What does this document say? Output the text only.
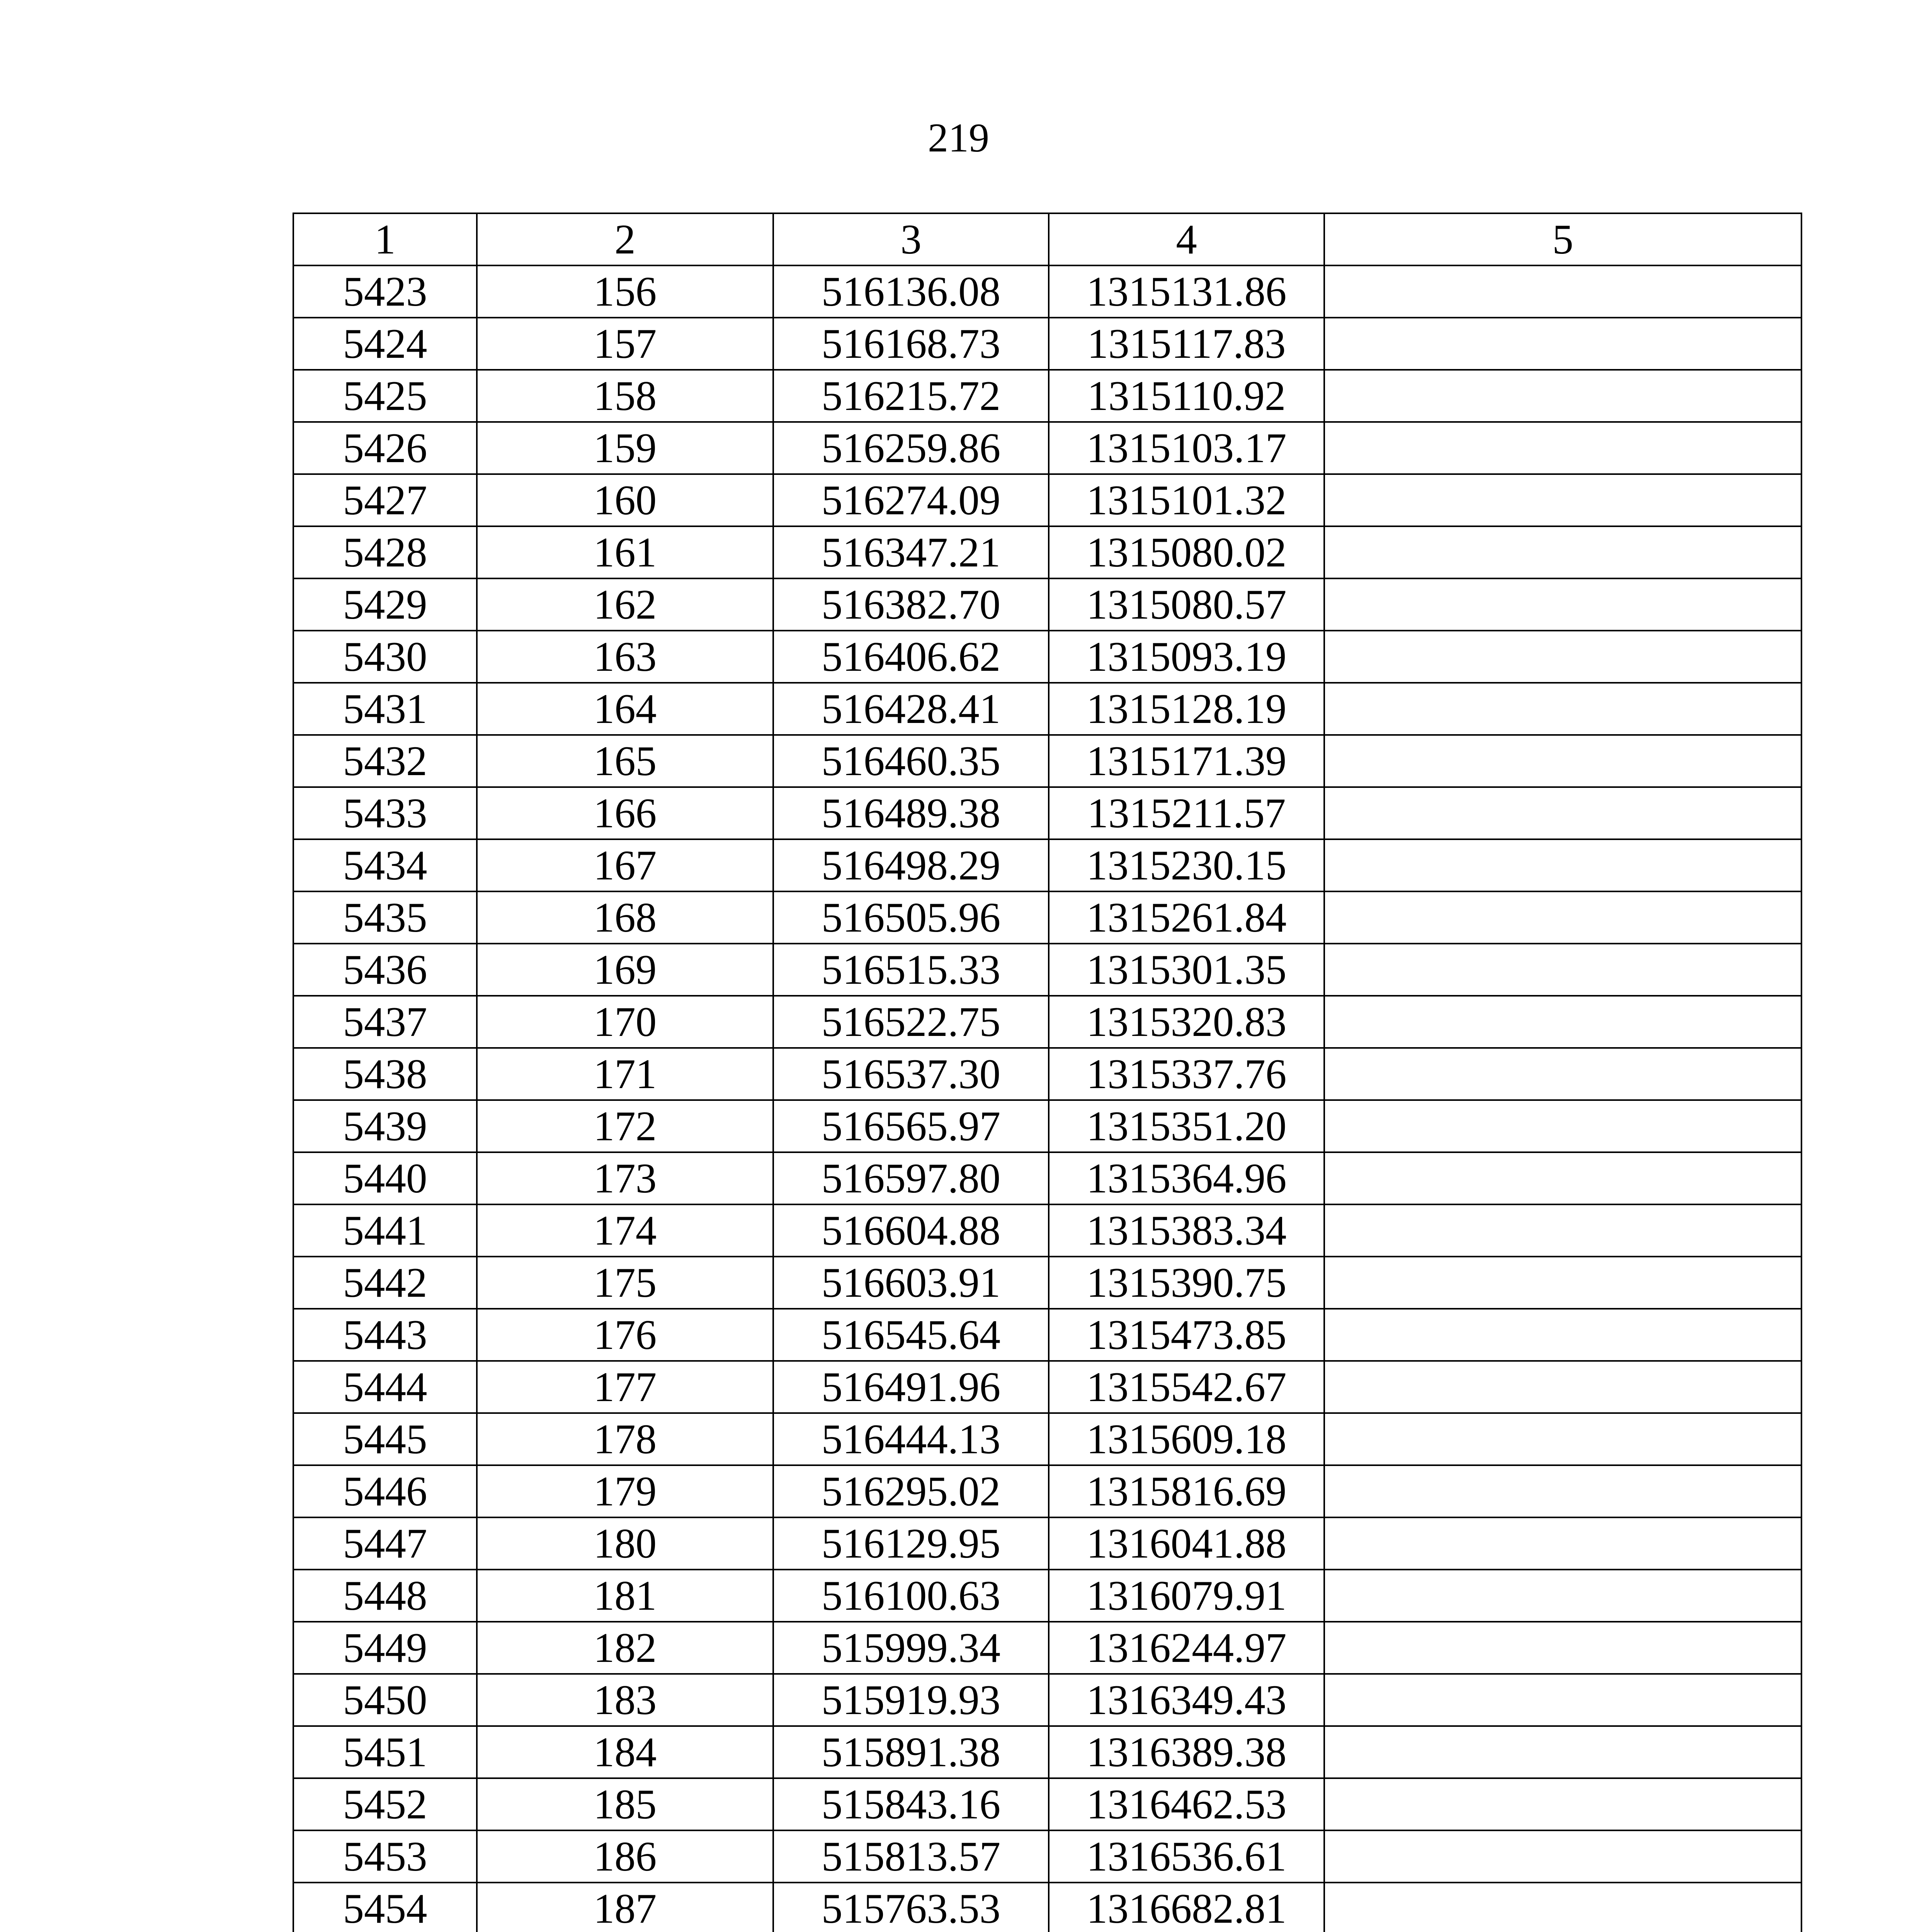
219
1	2	3	4	5
5423	156	516136.08	1315131.86	
5424	157	516168.73	1315117.83	
5425	158	516215.72	1315110.92	
5426	159	516259.86	1315103.17	
5427	160	516274.09	1315101.32	
5428	161	516347.21	1315080.02	
5429	162	516382.70	1315080.57	
5430	163	516406.62	1315093.19	
5431	164	516428.41	1315128.19	
5432	165	516460.35	1315171.39	
5433	166	516489.38	1315211.57	
5434	167	516498.29	1315230.15	
5435	168	516505.96	1315261.84	
5436	169	516515.33	1315301.35	
5437	170	516522.75	1315320.83	
5438	171	516537.30	1315337.76	
5439	172	516565.97	1315351.20	
5440	173	516597.80	1315364.96	
5441	174	516604.88	1315383.34	
5442	175	516603.91	1315390.75	
5443	176	516545.64	1315473.85	
5444	177	516491.96	1315542.67	
5445	178	516444.13	1315609.18	
5446	179	516295.02	1315816.69	
5447	180	516129.95	1316041.88	
5448	181	516100.63	1316079.91	
5449	182	515999.34	1316244.97	
5450	183	515919.93	1316349.43	
5451	184	515891.38	1316389.38	
5452	185	515843.16	1316462.53	
5453	186	515813.57	1316536.61	
5454	187	515763.53	1316682.81	
